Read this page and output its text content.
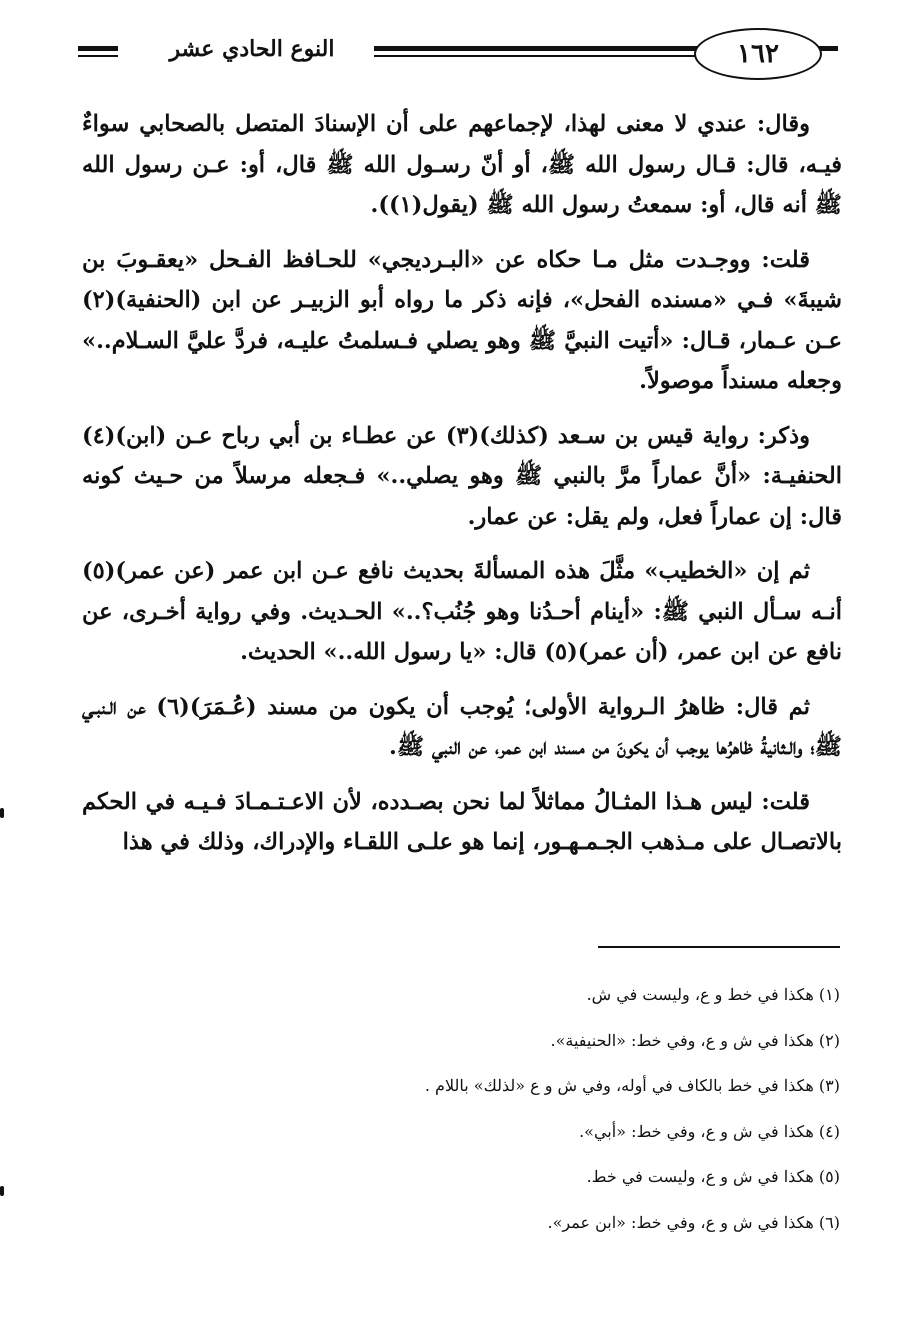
النوع الحادي عشر	١٦٢

وقال: عندي لا معنى لهذا، لإجماعهم على أن الإسنادَ المتصل بالصحابي سواءٌ فيـه، قال: قـال رسول الله ﷺ، أو أنّ رسـول الله ﷺ قال، أو: عـن رسول الله ﷺ أنه قال، أو: سمعتُ رسول الله ﷺ (يقول(١)).

قلت: ووجـدت مثل مـا حكاه عن «البـرديجي» للحـافظ الفـحل «يعقـوبَ بن شيبةَ» فـي «مسنده الفحل»، فإنه ذكر ما رواه أبو الزبيـر عن ابن (الحنفية)(٢) عـن عـمار، قـال: «أتيت النبيَّ ﷺ وهو يصلي فـسلمتُ عليـه، فردَّ عليَّ السـلام..» وجعله مسنداً موصولاً.

وذكر: رواية قيس بن سـعد (كذلك)(٣) عن عطـاء بن أبي رباح عـن (ابن)(٤) الحنفيـة: «أنَّ عماراً مرَّ بالنبي ﷺ وهو يصلي..» فـجعله مرسلاً من حـيث كونه قال: إن عماراً فعل، ولم يقل: عن عمار.

ثم إن «الخطيب» مثَّلَ هذه المسألةَ بحديث نافع عـن ابن عمر (عن عمر)(٥) أنـه سـأل النبي ﷺ: «أينام أحـدُنا وهو جُنُب؟..» الحـديث. وفي رواية أخـرى، عن نافع عن ابن عمر، (أن عمر)(٥) قال: «يا رسول الله..» الحديث.

ثم قال: ظاهرُ الـرواية الأولى؛ يُوجب أن يكون من مسند (عُـمَرَ)(٦) عن الـنبـي ﷺ؛ والـثانيةُ ظاهرُها يوجب أن يكونَ من مسند ابن عمر، عن النبي ﷺ.

قلت: ليس هـذا المثـالُ مماثلاً لما نحن بصـدده، لأن الاعـتـمـادَ فـيـه في الحكم بالاتصـال على مـذهب الجـمـهـور، إنما هو علـى اللقـاء والإدراك، وذلك في هذا

(١) هكذا في خط و ع، وليست في ش.

(٢) هكذا في ش و ع، وفي خط: «الحنيفية».

(٣) هكذا في خط بالكاف في أوله، وفي ش و ع «لذلك» باللام .

(٤) هكذا في ش و ع، وفي خط: «أبي».

(٥) هكذا في ش و ع، وليست في خط.

(٦) هكذا في ش و ع، وفي خط: «ابن عمر».
